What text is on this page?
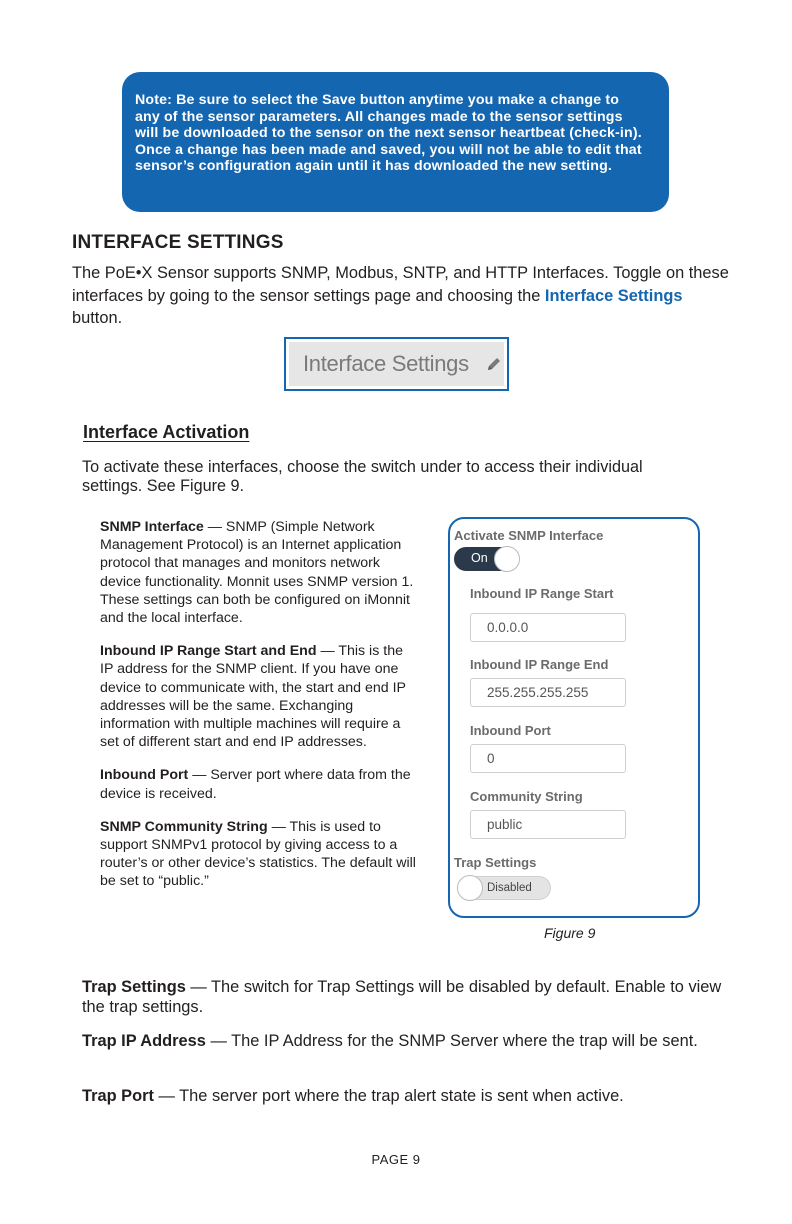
Note: Be sure to select the Save button anytime you make a change to any of the sensor parameters. All changes made to the sensor settings will be downloaded to the sensor on the next sensor heartbeat (check-in). Once a change has been made and saved, you will not be able to edit that sensor’s configuration again until it has downloaded the new setting.
INTERFACE SETTINGS
The PoE•X Sensor supports SNMP, Modbus, SNTP, and HTTP Interfaces. Toggle on these interfaces by going to the sensor settings page and choosing the Interface Settings button.
Interface Settings
Interface Activation
To activate these interfaces, choose the switch under to access their individual settings. See Figure 9.

SNMP Interface — SNMP (Simple Network Management Protocol) is an Internet application protocol that manages and monitors network device functionality. Monnit uses SNMP version 1. These settings can both be configured on iMonnit and the local interface.

Inbound IP Range Start and End — This is the IP address for the SNMP client. If you have one device to communicate with, the start and end IP addresses will be the same. Exchanging information with multiple machines will require a set of different start and end IP addresses.

Inbound Port — Server port where data from the device is received.

SNMP Community String — This is used to support SNMPv1 protocol by giving access to a router’s or other device’s statistics. The default will be set to “public.”

Activate SNMP Interface
On
Inbound IP Range Start
0.0.0.0
Inbound IP Range End
255.255.255.255
Inbound Port
0
Community String
public
Trap Settings
Disabled
Figure 9

Trap Settings — The switch for Trap Settings will be disabled by default. Enable to view the trap settings.

Trap IP Address — The IP Address for the SNMP Server where the trap will be sent.

Trap Port — The server port where the trap alert state is sent when active.

PAGE 9
